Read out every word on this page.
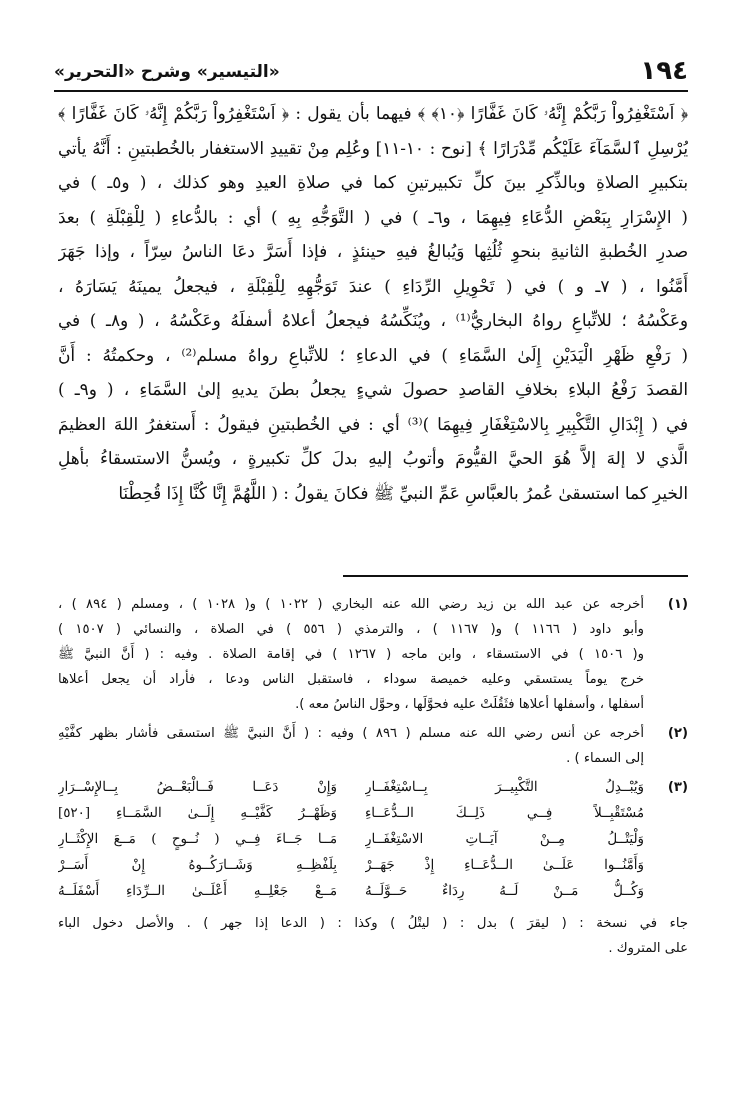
١٩٤
«التيسير» وشرح «التحرير»
﴿ اَسْتَغْفِرُواْ رَبَّكُمْ إِنَّهُۥ كَانَ غَفَّارًا ﴿١٠﴾ ﴾ فيهما بأن يقول : ﴿ اَسْتَغْفِرُواْ رَبَّكُمْ إِنَّهُۥ كَانَ غَفَّارًا ﴾
يُرْسِلِ ٱلسَّمَآءَ عَلَيْكُم مِّدْرَارًا ﴾ [نوح : ١٠-١١] وعُلِم مِنْ تقييدِ الاستغفار بالخُطبتينِ : أَنَّهُ يأتي
بتكبيرِ الصلاةِ وبالذِّكرِ بينَ كلِّ تكبيرتينِ كما في صلاةِ العيدِ وهو كذلك ، ( و٥ـ ) في
( الإِسْرَارِ بِبَعْضِ الدُّعَاءِ فِيهِمَا ، و٦ـ ) في ( التَّوَجُّهِ بِهِ ) أي : بالدُّعاءِ ( لِلْقِبْلَةِ ) بعدَ
صدرِ الخُطبةِ الثانيةِ بنحوِ ثُلُثِها وَيُبالغُ فيهِ حينئذٍ ، فإذا أَسَرَّ دعَا الناسُ سِرّاً ، وإذا جَهَرَ
أَمَّنُوا ، ( ٧ـ و ) في ( تَحْوِيلِ الرِّدَاءِ ) عندَ تَوَجُّهِهِ لِلْقِبْلَةِ ، فيجعلُ يمينَهُ يَسَارَهُ ،
وعَكْسُهُ ؛ للاتِّباعِ رواهُ البخاريُّ⁽¹⁾ ، ويُنَكِّسُهُ فيجعلُ أعلاهُ أسفلَهُ وعَكْسُهُ ، ( و٨ـ ) في
( رَفْعِ ظَهْرِ الْيَدَيْنِ إِلَىٰ السَّمَاءِ ) في الدعاءِ ؛ للاتِّباعِ رواهُ مسلم⁽²⁾ ، وحكمتُهُ : أَنَّ
القصدَ رَفْعُ البلاءِ بخلافِ القاصدِ حصولَ شيءٍ يجعلُ بطنَ يديهِ إلىٰ السَّمَاءِ ، ( و٩ـ )
في ( إِبْدَالِ التَّكْبِيرِ بِالاسْتِغْفَارِ فِيهِمَا )⁽³⁾ أي : في الخُطبتينِ فيقولُ : أَستغفرُ اللهَ العظيمَ
الَّذي لا إلهَ إلاَّ هُوَ الحيَّ القيُّومَ وأتوبُ إليهِ بدلَ كلِّ تكبيرةٍ ، ويُسنُّ الاستسقاءُ بأهلِ
الخيرِ كما استسقىٰ عُمرُ بالعبَّاسِ عَمِّ النبيِّ ﷺ فكانَ يقولُ : ( اللَّهُمَّ إِنَّا كُنَّا إِذَا قُحِطْنَا
(١)
أخرجه عن عبد الله بن زيد رضي الله عنه البخاري ( ١٠٢٢ ) و( ١٠٢٨ ) ، ومسلم ( ٨٩٤ ) ،
وأبو داود ( ١١٦٦ ) و( ١١٦٧ ) ، والترمذي ( ٥٥٦ ) في الصلاة ، والنسائي ( ١٥٠٧ )
و( ١٥٠٦ ) في الاستسقاء ، وابن ماجه ( ١٢٦٧ ) في إقامة الصلاة . وفيه : ( أَنَّ النبيَّ ﷺ
خرج يوماً يستسقي وعليه خميصة سوداء ، فاستقبل الناس ودعا ، فأراد أن يجعل أعلاها
أسفلها ، وأسفلها أعلاها فثَقُلَتْ عليه فحوَّلَها ، وحوَّل الناسُ معه ).
(٢)
أخرجه عن أنس رضي الله عنه مسلم ( ٨٩٦ ) وفيه : ( أَنَّ النبيَّ ﷺ استسقى فأشار بظهر كفَّيْهِ
إلى السماء ) .
(٣)
وَيُبْــدِلُ التَّكْبِيــرَ بِــاسْتِغْفَــارِ
وَإِنْ دَعَــا فَــالْبَعْــضُ بِــالإِسْــرَارِ
مُسْتَقْبِــلاً فِــي ذَلِــكَ الــدُّعَــاءِ
وَظَهْــرُ كَفَّيْــهِ إِلَــىٰ السَّمَــاءِ [٥٢٠]
وَلْيَتْــلُ مِــنْ آيَــاتِ الاسْتِغْفَــارِ
مَــا جَــاءَ فِــي ( نُــوحٍ ) مَــعَ الإِكْثَــارِ
وَأَمَّنُــوا عَلَــىٰ الــدُّعَــاءِ إِذْ جَهَــرْ
بِلَفْظِــهِ وَشَــارَكُــوهُ إِنْ أَسَــرْ
وَكُــلُّ مَــنْ لَــهُ رِدَاءٌ حَــوَّلَــهُ
مَــعْ جَعْلِــهِ أَعْلَــىٰ الــرِّدَاءِ أَسْفَلَــهُ
جاء في نسخة : ( ليقرَ ) بدل : ( ليتْلُ ) وكذا : ( الدعا إذا جهر ) . والأصل دخول الباء
على المتروك .
